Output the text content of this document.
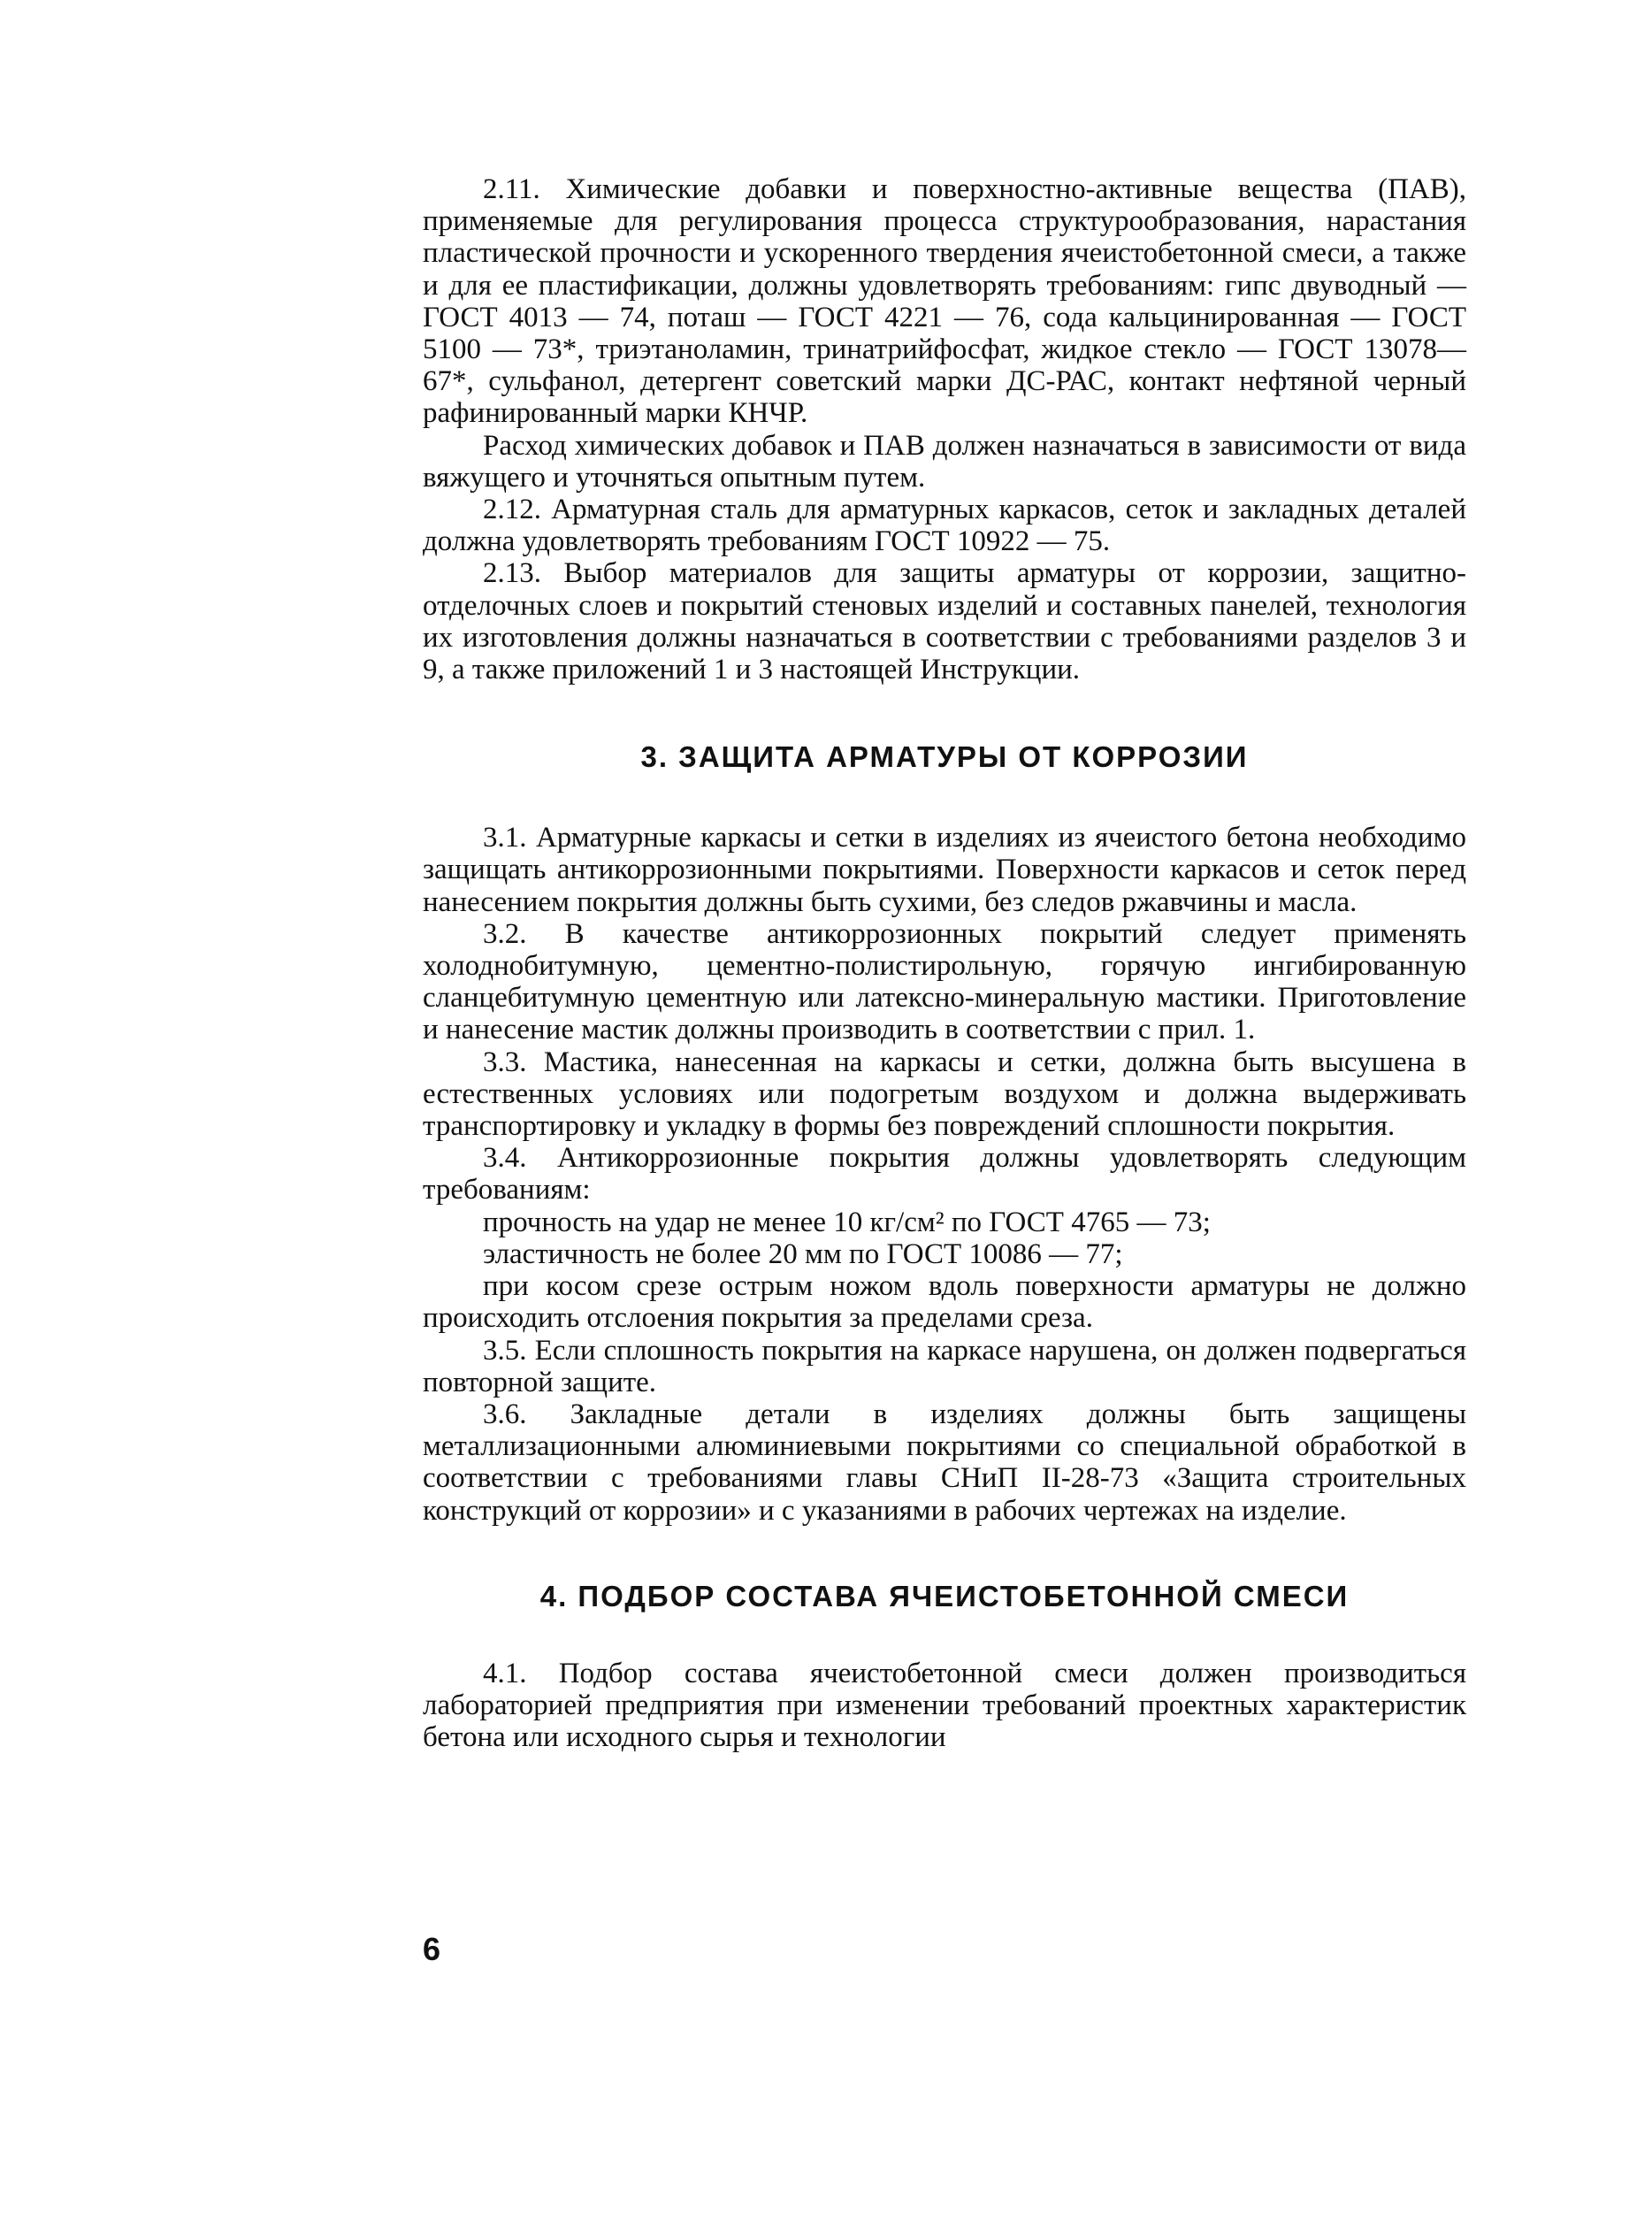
2.11. Химические добавки и поверхностно-активные вещества (ПАВ), применяемые для регулирования процесса структурообразования, нарастания пластической прочности и ускоренного твердения ячеистобетонной смеси, а также и для ее пластификации, должны удовлетворять требованиям: гипс двуводный — ГОСТ 4013 — 74, поташ — ГОСТ 4221 — 76, сода кальцинированная — ГОСТ 5100 — 73*, триэтаноламин, тринатрийфосфат, жидкое стекло — ГОСТ 13078—67*, сульфанол, детергент советский марки ДС-РАС, контакт нефтяной черный рафинированный марки КНЧР.

Расход химических добавок и ПАВ должен назначаться в зависимости от вида вяжущего и уточняться опытным путем.

2.12. Арматурная сталь для арматурных каркасов, сеток и закладных деталей должна удовлетворять требованиям ГОСТ 10922 — 75.

2.13. Выбор материалов для защиты арматуры от коррозии, защитно-отделочных слоев и покрытий стеновых изделий и составных панелей, технология их изготовления должны назначаться в соответствии с требованиями разделов 3 и 9, а также приложений 1 и 3 настоящей Инструкции.

3. ЗАЩИТА АРМАТУРЫ ОТ КОРРОЗИИ

3.1. Арматурные каркасы и сетки в изделиях из ячеистого бетона необходимо защищать антикоррозионными покрытиями. Поверхности каркасов и сеток перед нанесением покрытия должны быть сухими, без следов ржавчины и масла.

3.2. В качестве антикоррозионных покрытий следует применять холоднобитумную, цементно-полистирольную, горячую ингибированную сланцебитумную цементную или латексно-минеральную мастики. Приготовление и нанесение мастик должны производить в соответствии с прил. 1.

3.3. Мастика, нанесенная на каркасы и сетки, должна быть высушена в естественных условиях или подогретым воздухом и должна выдерживать транспортировку и укладку в формы без повреждений сплошности покрытия.

3.4. Антикоррозионные покрытия должны удовлетворять следующим требованиям:

прочность на удар не менее 10 кг/см² по ГОСТ 4765 — 73;

эластичность не более 20 мм по ГОСТ 10086 — 77;

при косом срезе острым ножом вдоль поверхности арматуры не должно происходить отслоения покрытия за пределами среза.

3.5. Если сплошность покрытия на каркасе нарушена, он должен подвергаться повторной защите.

3.6. Закладные детали в изделиях должны быть защищены металлизационными алюминиевыми покрытиями со специальной обработкой в соответствии с требованиями главы СНиП II-28-73 «Защита строительных конструкций от коррозии» и с указаниями в рабочих чертежах на изделие.

4. ПОДБОР СОСТАВА ЯЧЕИСТОБЕТОННОЙ СМЕСИ

4.1. Подбор состава ячеистобетонной смеси должен производиться лабораторией предприятия при изменении требований проектных характеристик бетона или исходного сырья и технологии

6
